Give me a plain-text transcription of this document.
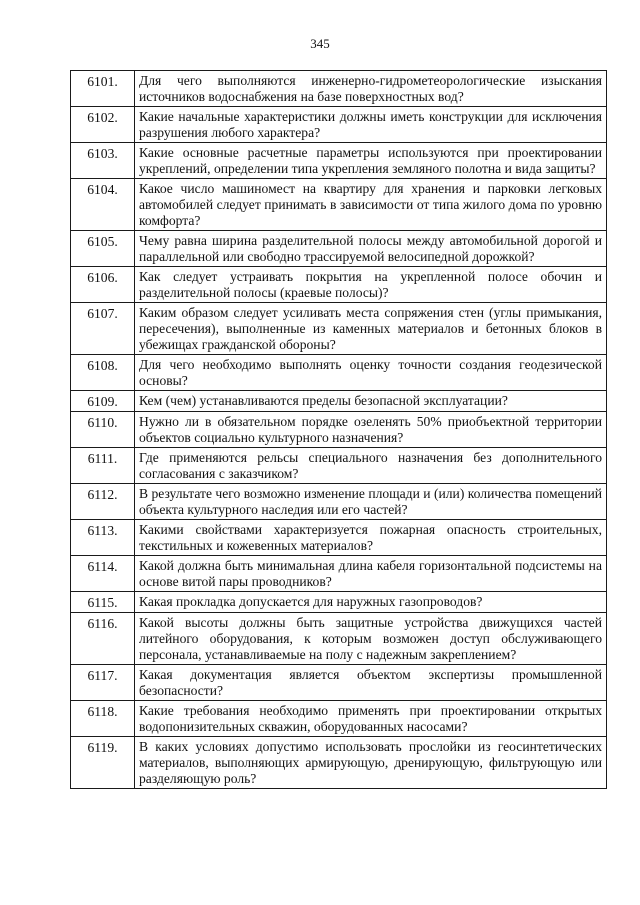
345
6101.	Для чего выполняются инженерно-гидрометеорологические изыскания источников водоснабжения на базе поверхностных вод?
6102.	Какие начальные характеристики должны иметь конструкции для исключения разрушения любого характера?
6103.	Какие основные расчетные параметры используются при проектировании укреплений, определении типа укрепления земляного полотна и вида защиты?
6104.	Какое число машиномест на квартиру для хранения и парковки легковых автомобилей следует принимать в зависимости от типа жилого дома по уровню комфорта?
6105.	Чему равна ширина разделительной полосы между автомобильной дорогой и параллельной или свободно трассируемой велосипедной дорожкой?
6106.	Как следует устраивать покрытия на укрепленной полосе обочин и разделительной полосы (краевые полосы)?
6107.	Каким образом следует усиливать места сопряжения стен (углы примыкания, пересечения), выполненные из каменных материалов и бетонных блоков в убежищах гражданской обороны?
6108.	Для чего необходимо выполнять оценку точности создания геодезической основы?
6109.	Кем (чем) устанавливаются пределы безопасной эксплуатации?
6110.	Нужно ли в обязательном порядке озеленять 50% приобъектной территории объектов социально культурного назначения?
6111.	Где применяются рельсы специального назначения без дополнительного согласования с заказчиком?
6112.	В результате чего возможно изменение площади и (или) количества помещений объекта культурного наследия или его частей?
6113.	Какими свойствами характеризуется пожарная опасность строительных, текстильных и кожевенных материалов?
6114.	Какой должна быть минимальная длина кабеля горизонтальной подсистемы на основе витой пары проводников?
6115.	Какая прокладка допускается для наружных газопроводов?
6116.	Какой высоты должны быть защитные устройства движущихся частей литейного оборудования, к которым возможен доступ обслуживающего персонала, устанавливаемые на полу с надежным закреплением?
6117.	Какая документация является объектом экспертизы промышленной безопасности?
6118.	Какие требования необходимо применять при проектировании открытых водопонизительных скважин, оборудованных насосами?
6119.	В каких условиях допустимо использовать прослойки из геосинтетических материалов, выполняющих армирующую, дренирующую, фильтрующую или разделяющую роль?
